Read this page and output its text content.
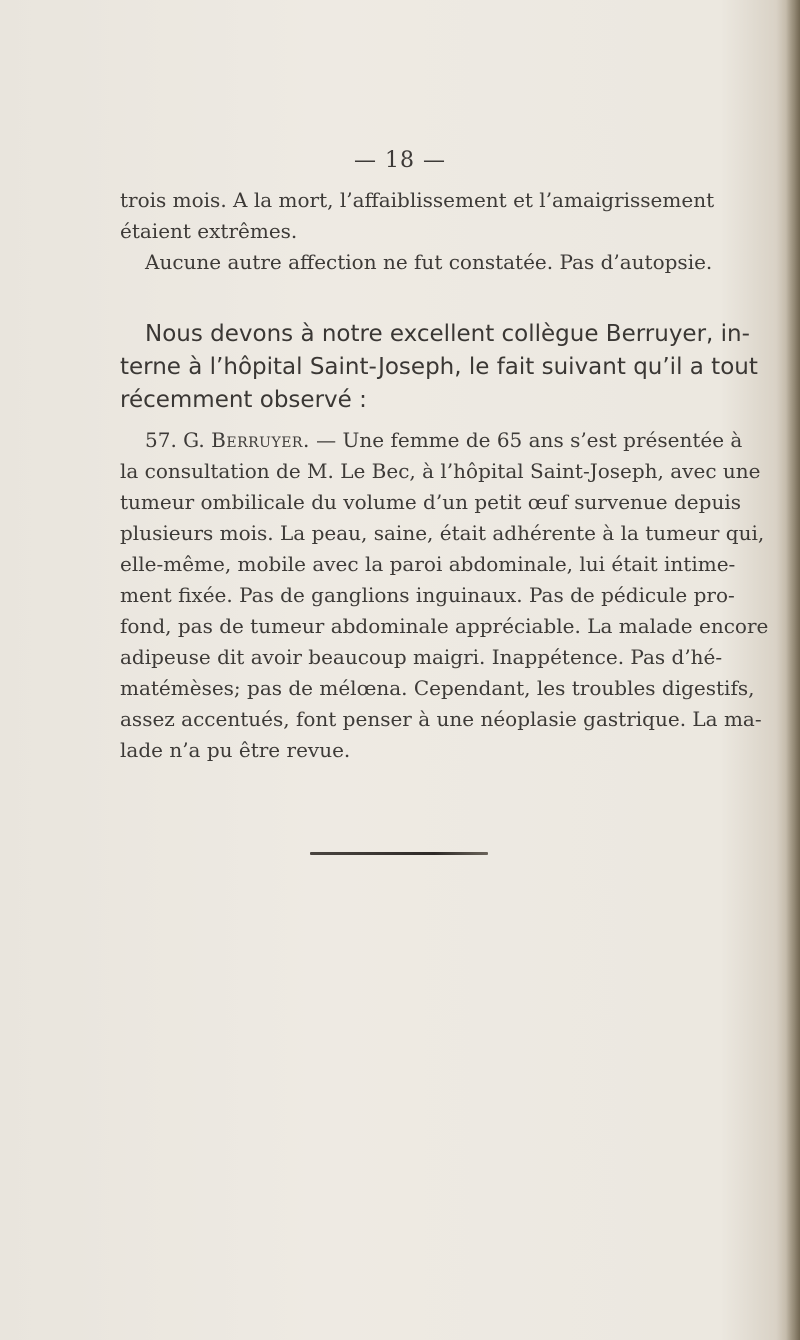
— 18 —
trois mois. A la mort, l’affaiblissement et l’amaigrissement
étaient extrêmes.
Aucune autre affection ne fut constatée. Pas d’autopsie.
Nous devons à notre excellent collègue Berruyer, in-
terne à l’hôpital Saint-Joseph, le fait suivant qu’il a tout
récemment observé :
57. G. Berruyer. — Une femme de 65 ans s’est présentée à
la consultation de M. Le Bec, à l’hôpital Saint-Joseph, avec une
tumeur ombilicale du volume d’un petit œuf survenue depuis
plusieurs mois. La peau, saine, était adhérente à la tumeur qui,
elle-même, mobile avec la paroi abdominale, lui était intime-
ment fixée. Pas de ganglions inguinaux. Pas de pédicule pro-
fond, pas de tumeur abdominale appréciable. La malade encore
adipeuse dit avoir beaucoup maigri. Inappétence. Pas d’hé-
matémèses; pas de mélœna. Cependant, les troubles digestifs,
assez accentués, font penser à une néoplasie gastrique. La ma-
lade n’a pu être revue.
